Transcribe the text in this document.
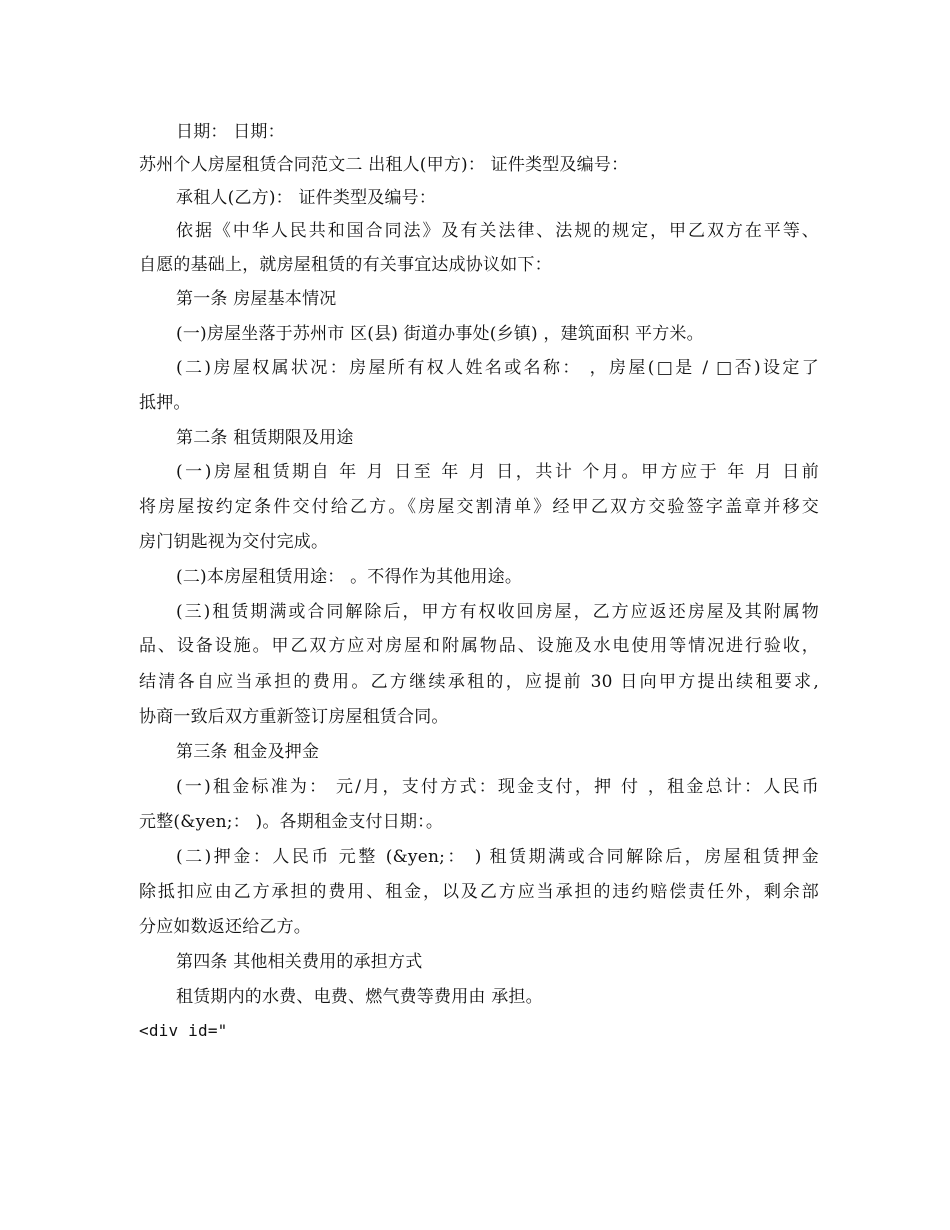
日期： 日期：
苏州个人房屋租赁合同范文二 出租人(甲方)： 证件类型及编号：
承租人(乙方)： 证件类型及编号：
依据《中华人民共和国合同法》及有关法律、法规的规定，甲乙双方在平等、
自愿的基础上，就房屋租赁的有关事宜达成协议如下：
第一条 房屋基本情况
(一)房屋坐落于苏州市 区(县) 街道办事处(乡镇) ，建筑面积 平方米。
(二)房屋权属状况：房屋所有权人姓名或名称： ，房屋(□是 / □否)设定了
抵押。
第二条 租赁期限及用途
(一)房屋租赁期自 年 月 日至 年 月 日，共计 个月。甲方应于 年 月 日前
将房屋按约定条件交付给乙方。《房屋交割清单》经甲乙双方交验签字盖章并移交
房门钥匙视为交付完成。
(二)本房屋租赁用途： 。不得作为其他用途。
(三)租赁期满或合同解除后，甲方有权收回房屋，乙方应返还房屋及其附属物
品、设备设施。甲乙双方应对房屋和附属物品、设施及水电使用等情况进行验收，
结清各自应当承担的费用。乙方继续承租的，应提前 30 日向甲方提出续租要求,
协商一致后双方重新签订房屋租赁合同。
第三条 租金及押金
(一)租金标准为： 元/月，支付方式：现金支付，押 付 ，租金总计：人民币
元整(&yen;： )。各期租金支付日期：。
(二)押金：人民币 元整 (&yen;： ) 租赁期满或合同解除后，房屋租赁押金
除抵扣应由乙方承担的费用、租金，以及乙方应当承担的违约赔偿责任外，剩余部
分应如数返还给乙方。
第四条 其他相关费用的承担方式
租赁期内的水费、电费、燃气费等费用由 承担。
<div id="
